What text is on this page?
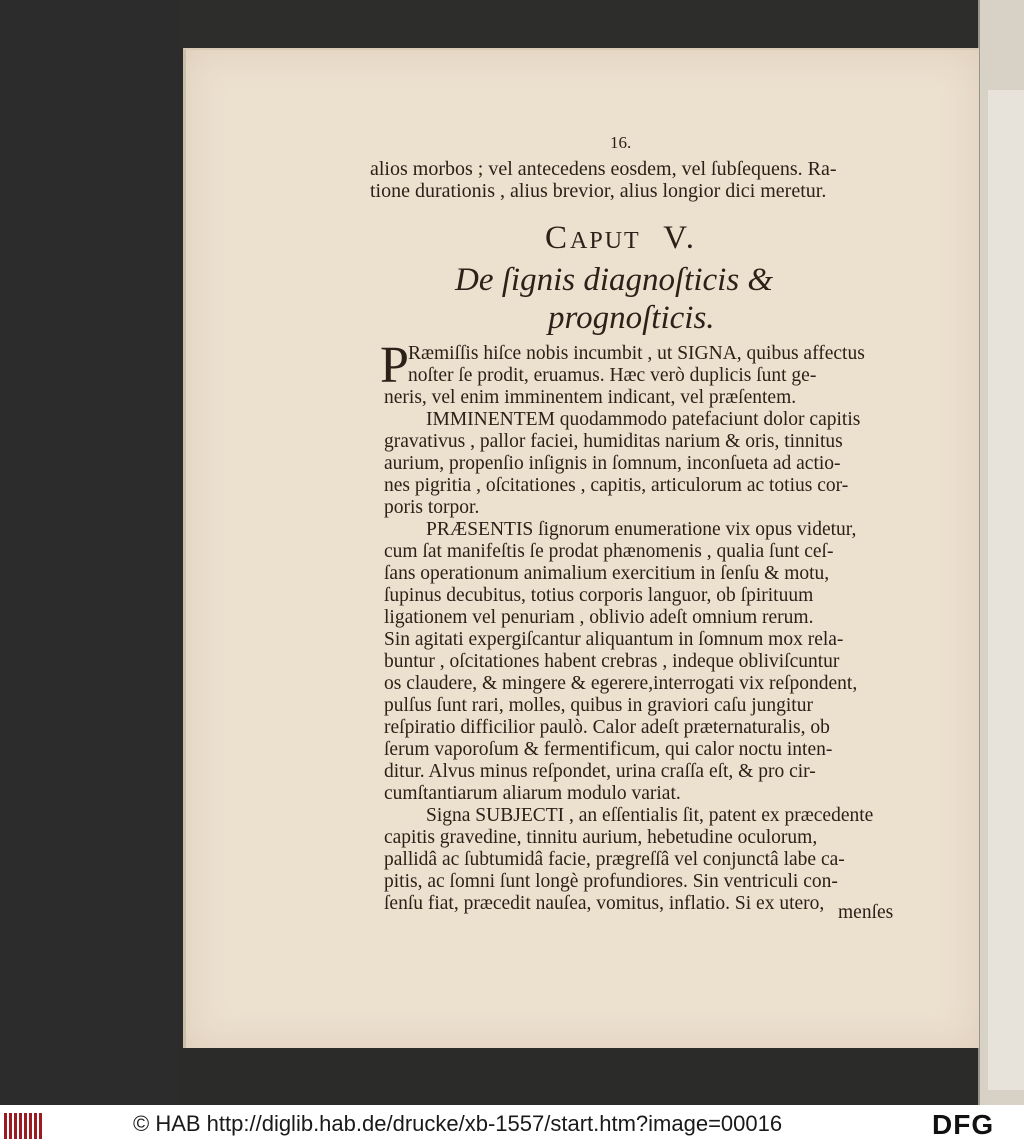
16.
alios morbos ; vel antecedens eosdem, vel ſubſequens. Ra-
tione durationis , alius brevior, alius longior dici meretur.
CAPUT V.
De ſignis diagnoſticis &
prognoſticis.
P Ræmiſſis hiſce nobis incumbit , ut SIGNA, quibus affectus
noſter ſe prodit, eruamus. Hæc verò duplicis ſunt ge-
neris, vel enim imminentem indicant, vel præſentem.
IMMINENTEM quodammodo patefaciunt dolor capitis
gravativus , pallor faciei, humiditas narium & oris, tinnitus
aurium, propenſio inſignis in ſomnum, inconſueta ad actio-
nes pigritia , oſcitationes , capitis, articulorum ac totius cor-
poris torpor.
PRÆSENTIS ſignorum enumeratione vix opus videtur,
cum ſat manifeſtis ſe prodat phænomenis , qualia ſunt ceſ-
ſans operationum animalium exercitium in ſenſu & motu,
ſupinus decubitus, totius corporis languor, ob ſpirituum
ligationem vel penuriam , oblivio adeſt omnium rerum.
Sin agitati expergiſcantur aliquantum in ſomnum mox rela-
buntur , oſcitationes habent crebras , indeque obliviſcuntur
os claudere, & mingere & egerere,interrogati vix reſpondent,
pulſus ſunt rari, molles, quibus in graviori caſu jungitur
reſpiratio difficilior paulò. Calor adeſt præternaturalis, ob
ſerum vaporoſum & fermentificum, qui calor noctu inten-
ditur. Alvus minus reſpondet, urina craſſa eſt, & pro cir-
cumſtantiarum aliarum modulo variat.
Signa SUBJECTI , an eſſentialis ſit, patent ex præcedente
capitis gravedine, tinnitu aurium, hebetudine oculorum,
pallidâ ac ſubtumidâ facie, prægreſſâ vel conjunctâ labe ca-
pitis, ac ſomni ſunt longè profundiores. Sin ventriculi con-
ſenſu fiat, præcedit nauſea, vomitus, inflatio. Si ex utero, menſes
© HAB http://diglib.hab.de/drucke/xb-1557/start.htm?image=00016	DFG
